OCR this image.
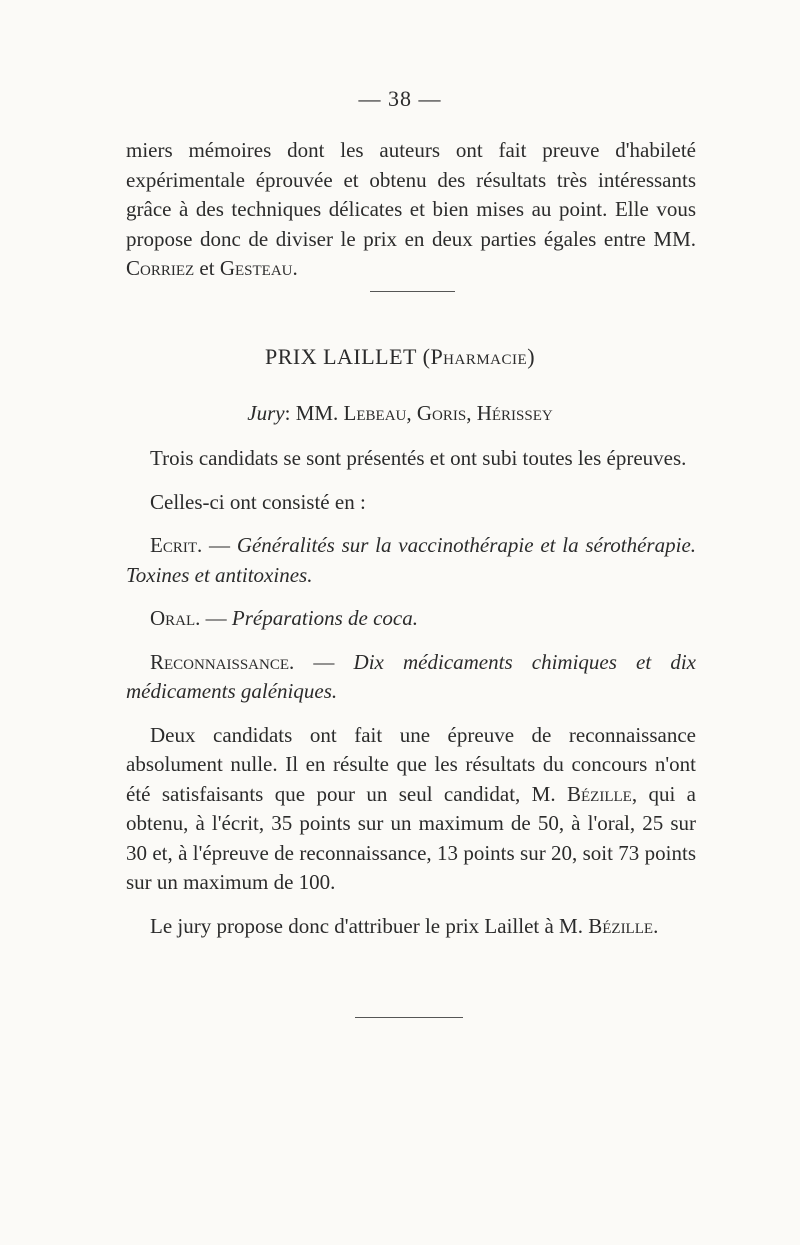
— 38 —

miers mémoires dont les auteurs ont fait preuve d'habileté expérimentale éprouvée et obtenu des résultats très intéressants grâce à des techniques délicates et bien mises au point. Elle vous propose donc de diviser le prix en deux parties égales entre MM. Corriez et Gesteau.

PRIX LAILLET (Pharmacie)
Jury: MM. Lebeau, Goris, Hérissey

Trois candidats se sont présentés et ont subi toutes les épreuves.

Celles-ci ont consisté en :

Ecrit. — Généralités sur la vaccinothérapie et la sérothérapie. Toxines et antitoxines.

Oral. — Préparations de coca.

Reconnaissance. — Dix médicaments chimiques et dix médicaments galéniques.

Deux candidats ont fait une épreuve de reconnaissance absolument nulle. Il en résulte que les résultats du concours n'ont été satisfaisants que pour un seul candidat, M. Bézille, qui a obtenu, à l'écrit, 35 points sur un maximum de 50, à l'oral, 25 sur 30 et, à l'épreuve de reconnaissance, 13 points sur 20, soit 73 points sur un maximum de 100.

Le jury propose donc d'attribuer le prix Laillet à M. Bézille.
